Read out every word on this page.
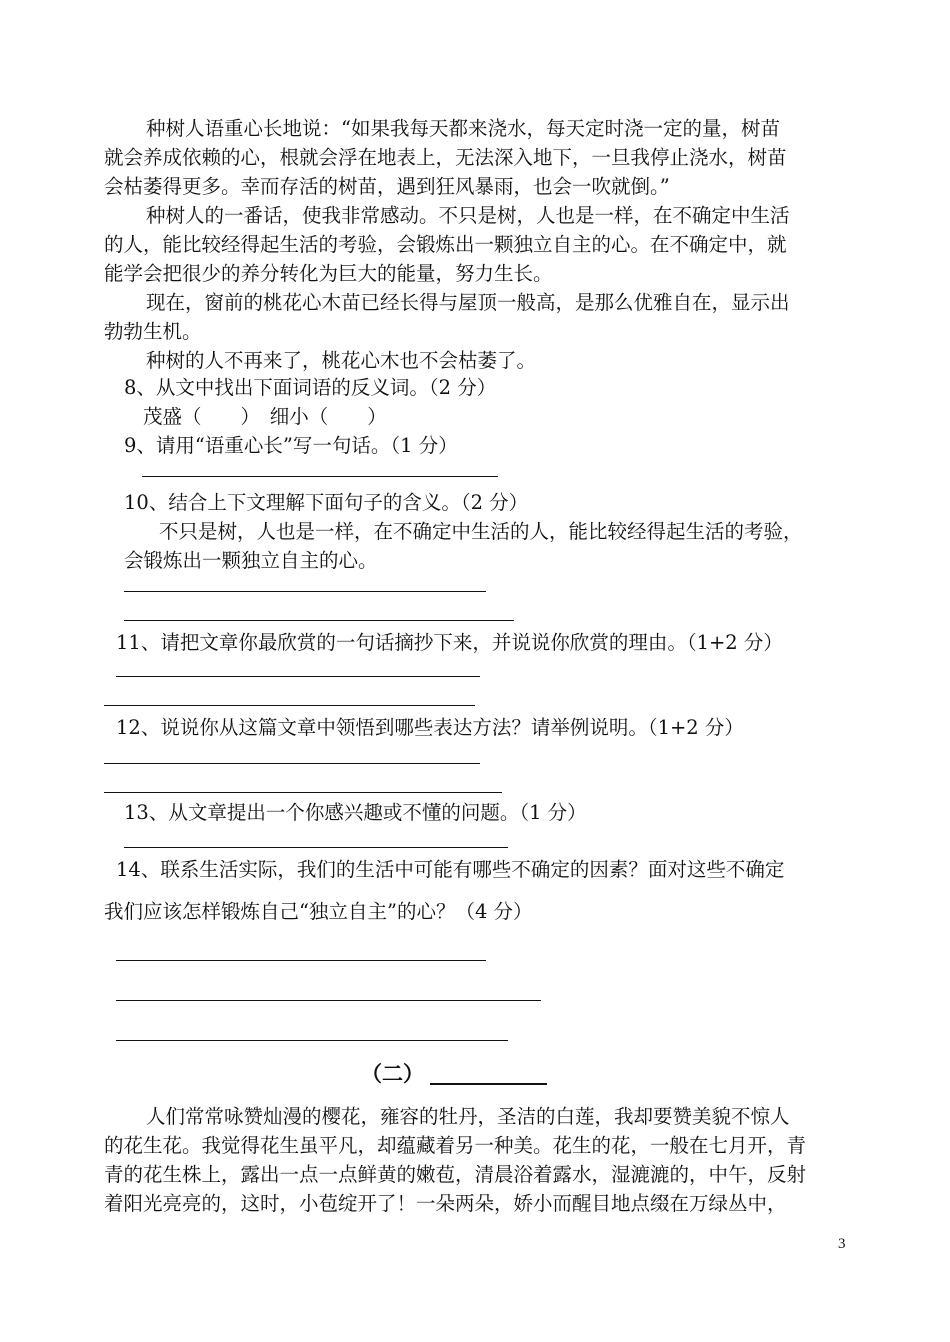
种树人语重心长地说：“如果我每天都来浇水，每天定时浇一定的量，树苗
就会养成依赖的心，根就会浮在地表上，无法深入地下，一旦我停止浇水，树苗
会枯萎得更多。幸而存活的树苗，遇到狂风暴雨，也会一吹就倒。”
种树人的一番话，使我非常感动。不只是树，人也是一样，在不确定中生活
的人，能比较经得起生活的考验，会锻炼出一颗独立自主的心。在不确定中，就
能学会把很少的养分转化为巨大的能量，努力生长。
现在，窗前的桃花心木苗已经长得与屋顶一般高，是那么优雅自在，显示出
勃勃生机。
种树的人不再来了，桃花心木也不会枯萎了。
8、从文中找出下面词语的反义词。（2 分）
茂盛（　　）　细小（　　）
9、请用“语重心长”写一句话。（1 分）
10、结合上下文理解下面句子的含义。（2 分）
不只是树，人也是一样，在不确定中生活的人，能比较经得起生活的考验，
会锻炼出一颗独立自主的心。
11、请把文章你最欣赏的一句话摘抄下来，并说说你欣赏的理由。（1+2 分）
12、说说你从这篇文章中领悟到哪些表达方法？请举例说明。（1+2 分）
13、从文章提出一个你感兴趣或不懂的问题。（1 分）
14、联系生活实际，我们的生活中可能有哪些不确定的因素？面对这些不确定
我们应该怎样锻炼自己“独立自主”的心？（4 分）
（二）
人们常常咏赞灿漫的樱花，雍容的牡丹，圣洁的白莲，我却要赞美貌不惊人
的花生花。我觉得花生虽平凡，却蕴藏着另一种美。花生的花，一般在七月开，青
青的花生株上，露出一点一点鲜黄的嫩苞，清晨浴着露水，湿漉漉的，中午，反射
着阳光亮亮的，这时，小苞绽开了！一朵两朵，娇小而醒目地点缀在万绿丛中，
3
